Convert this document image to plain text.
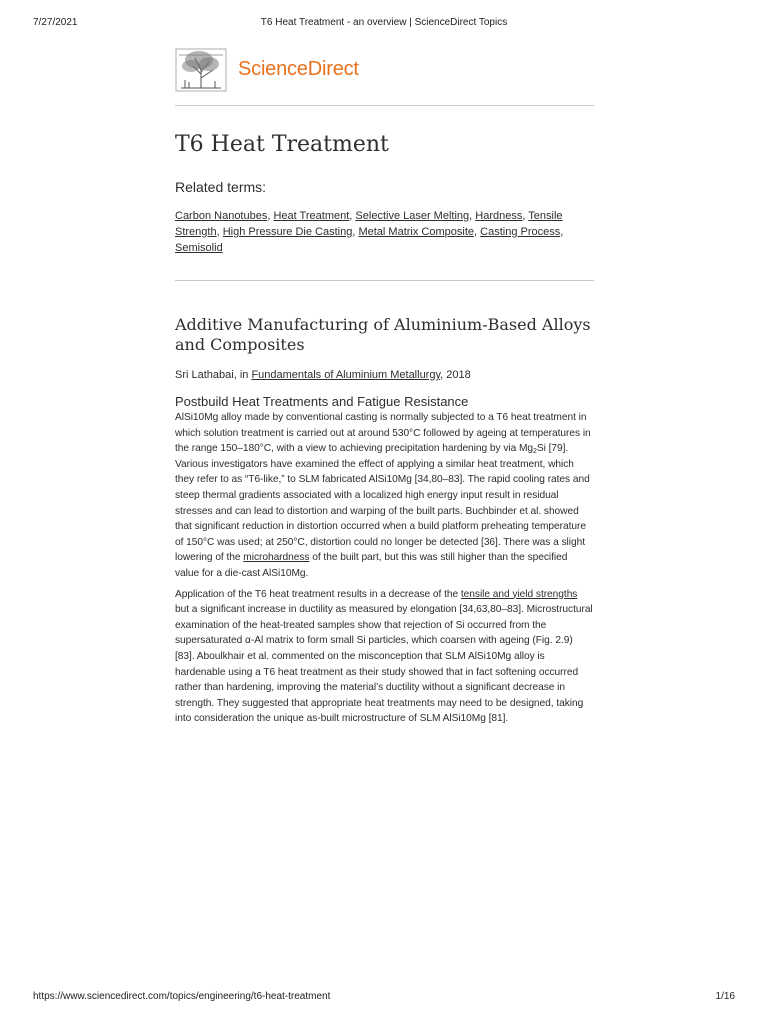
7/27/2021	T6 Heat Treatment - an overview | ScienceDirect Topics
ScienceDirect
T6 Heat Treatment
Related terms:
Carbon Nanotubes, Heat Treatment, Selective Laser Melting, Hardness, Tensile Strength, High Pressure Die Casting, Metal Matrix Composite, Casting Process, Semisolid
Additive Manufacturing of Aluminium-Based Alloys and Composites
Sri Lathabai, in Fundamentals of Aluminium Metallurgy, 2018
Postbuild Heat Treatments and Fatigue Resistance

AlSi10Mg alloy made by conventional casting is normally subjected to a T6 heat treatment in which solution treatment is carried out at around 530°C followed by ageing at temperatures in the range 150–180°C, with a view to achieving precipitation hardening by via $Mg_2Si$ [79]. Various investigators have examined the effect of applying a similar heat treatment, which they refer to as “T6-like,” to SLM fabricated AlSi10Mg [34,80–83]. The rapid cooling rates and steep thermal gradients associated with a localized high energy input result in residual stresses and can lead to distortion and warping of the built parts. Buchbinder et al. showed that significant reduction in distortion occurred when a build platform preheating temperature of 150°C was used; at 250°C, distortion could no longer be detected [36]. There was a slight lowering of the microhardness of the built part, but this was still higher than the specified value for a die-cast AlSi10Mg.

Application of the T6 heat treatment results in a decrease of the tensile and yield strengths but a significant increase in ductility as measured by elongation [34,63,80–83]. Microstructural examination of the heat-treated samples show that rejection of Si occurred from the supersaturated α-Al matrix to form small Si particles, which coarsen with ageing (Fig. 2.9) [83]. Aboulkhair et al. commented on the misconception that SLM AlSi10Mg alloy is hardenable using a T6 heat treatment as their study showed that in fact softening occurred rather than hardening, improving the material’s ductility without a significant decrease in strength. They suggested that appropriate heat treatments may need to be designed, taking into consideration the unique as-built microstructure of SLM AlSi10Mg [81].

https://www.sciencedirect.com/topics/engineering/t6-heat-treatment	1/16
